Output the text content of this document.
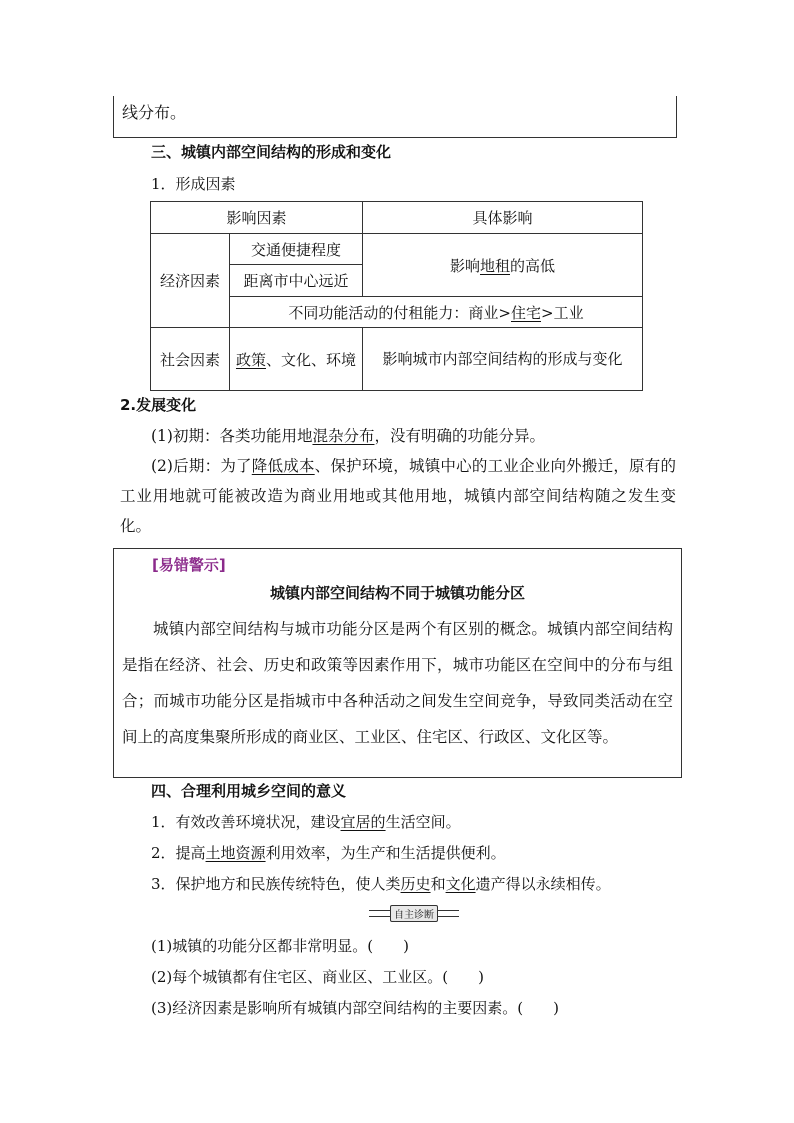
线分布。
三、城镇内部空间结构的形成和变化
1．形成因素
影响因素		具体影响
经济因素	交通便捷程度	影响地租的高低
	距离市中心远近	
	不同功能活动的付租能力：商业>住宅>工业	
社会因素	政策、文化、环境	影响城市内部空间结构的形成与变化
2.发展变化
(1)初期：各类功能用地混杂分布，没有明确的功能分异。
(2)后期：为了降低成本、保护环境，城镇中心的工业企业向外搬迁，原有的工业用地就可能被改造为商业用地或其他用地，城镇内部空间结构随之发生变化。
[易错警示]
城镇内部空间结构不同于城镇功能分区
城镇内部空间结构与城市功能分区是两个有区别的概念。城镇内部空间结构是指在经济、社会、历史和政策等因素作用下，城市功能区在空间中的分布与组合；而城市功能分区是指城市中各种活动之间发生空间竞争，导致同类活动在空间上的高度集聚所形成的商业区、工业区、住宅区、行政区、文化区等。
四、合理利用城乡空间的意义
1．有效改善环境状况，建设宜居的生活空间。
2．提高土地资源利用效率，为生产和生活提供便利。
3．保护地方和民族传统特色，使人类历史和文化遗产得以永续相传。
自主诊断
(1)城镇的功能分区都非常明显。(　　)
(2)每个城镇都有住宅区、商业区、工业区。(　　)
(3)经济因素是影响所有城镇内部空间结构的主要因素。(　　)
